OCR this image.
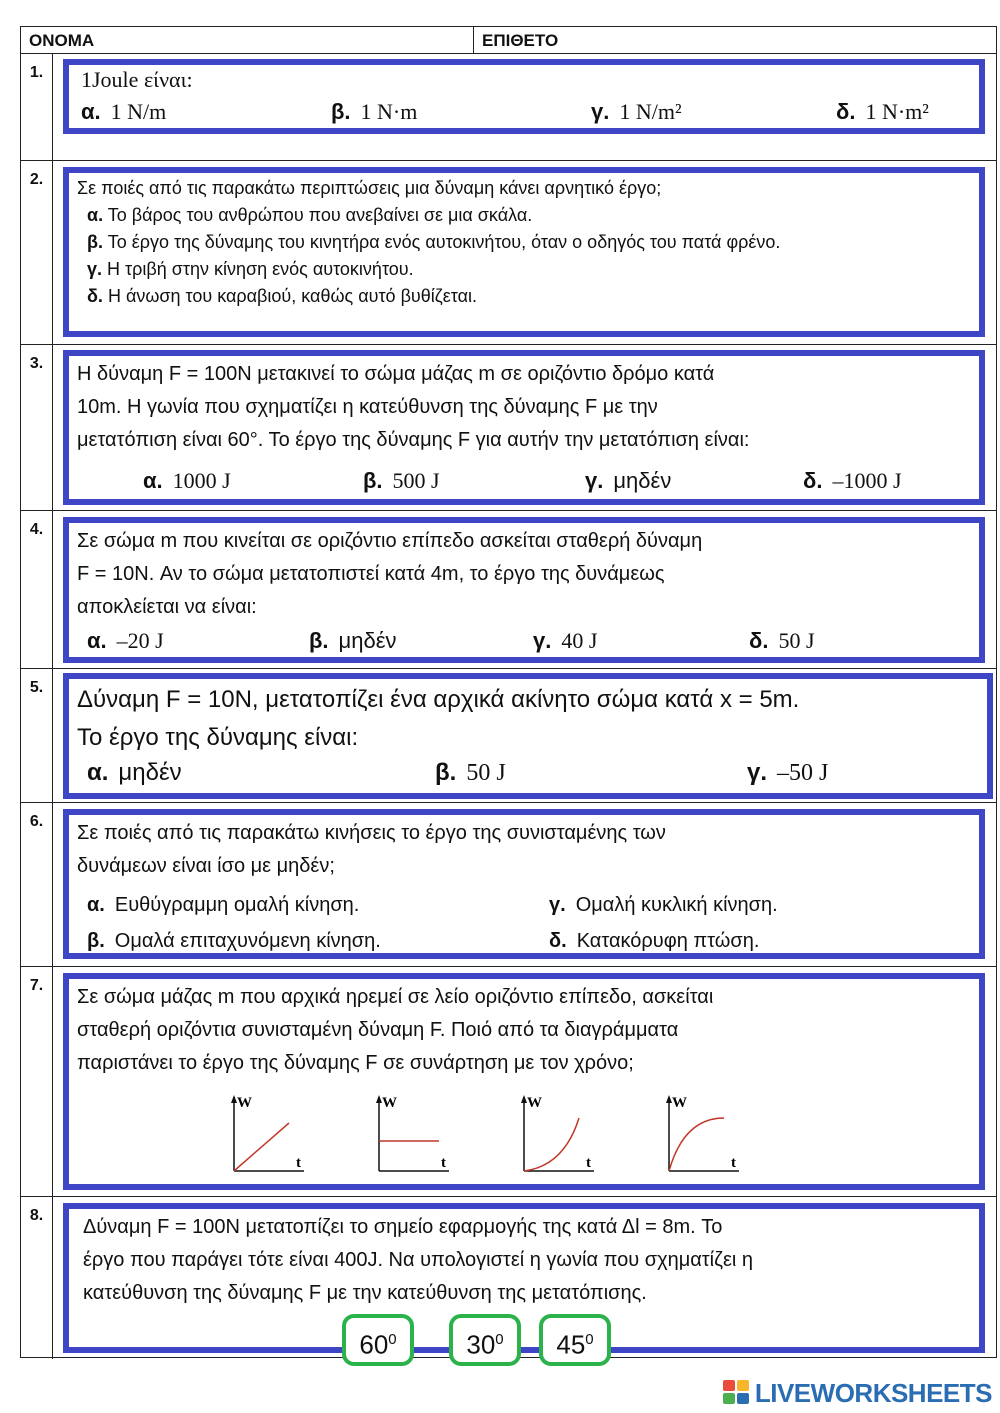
ΟΝΟΜΑ	ΕΠΙΘΕΤΟ
1.	1Joule είναι:
α. 1 N/m	β. 1 N·m	γ. 1 N/m²	δ. 1 N·m²
2.	Σε ποιές από τις παρακάτω περιπτώσεις μια δύναμη κάνει αρνητικό έργο;
α. Το βάρος του ανθρώπου που ανεβαίνει σε μια σκάλα.
β. Το έργο της δύναμης του κινητήρα ενός αυτοκινήτου, όταν ο οδηγός του πατά φρένο.
γ. Η τριβή στην κίνηση ενός αυτοκινήτου.
δ. Η άνωση του καραβιού, καθώς αυτό βυθίζεται.
3.	Η δύναμη F = 100N μετακινεί το σώμα μάζας m σε οριζόντιο δρόμο κατά
10m. Η γωνία που σχηματίζει η κατεύθυνση της δύναμης F με την
μετατόπιση είναι 60°. Το έργο της δύναμης F για αυτήν την μετατόπιση είναι:
α. 1000 J	β. 500 J	γ. μηδέν	δ. –1000 J
4.
Σε σώμα m που κινείται σε οριζόντιο επίπεδο ασκείται σταθερή δύναμη
F = 10N. Αν το σώμα μετατοπιστεί κατά 4m, το έργο της δυνάμεως
αποκλείεται να είναι:
α. –20 J	β. μηδέν	γ. 40 J	δ. 50 J
5.	Δύναμη F = 10N, μετατοπίζει ένα αρχικά ακίνητο σώμα κατά x = 5m.
Το έργο της δύναμης είναι:
α. μηδέν	β. 50 J	γ. –50 J
6.
Σε ποιές από τις παρακάτω κινήσεις το έργο της συνισταμένης των
δυνάμεων είναι ίσο με μηδέν;
α. Ευθύγραμμη ομαλή κίνηση.	γ. Ομαλή κυκλική κίνηση.
β. Ομαλά επιταχυνόμενη κίνηση.	δ. Κατακόρυφη πτώση.
7.
Σε σώμα μάζας m που αρχικά ηρεμεί σε λείο οριζόντιο επίπεδο, ασκείται
σταθερή οριζόντια συνισταμένη δύναμη F. Ποιό από τα διαγράμματα
παριστάνει το έργο της δύναμης F σε συνάρτηση με τον χρόνο;
W
t
W
t
W
t
W
t
8.
Δύναμη F = 100N μετατοπίζει το σημείο εφαρμογής της κατά Δl = 8m. Το
έργο που παράγει τότε είναι 400J. Να υπολογιστεί η γωνία που σχηματίζει η
κατεύθυνση της δύναμης F με την κατεύθυνση της μετατόπισης.
$60^0$	$30^0$	$45^0$
LIVEWORKSHEETS
